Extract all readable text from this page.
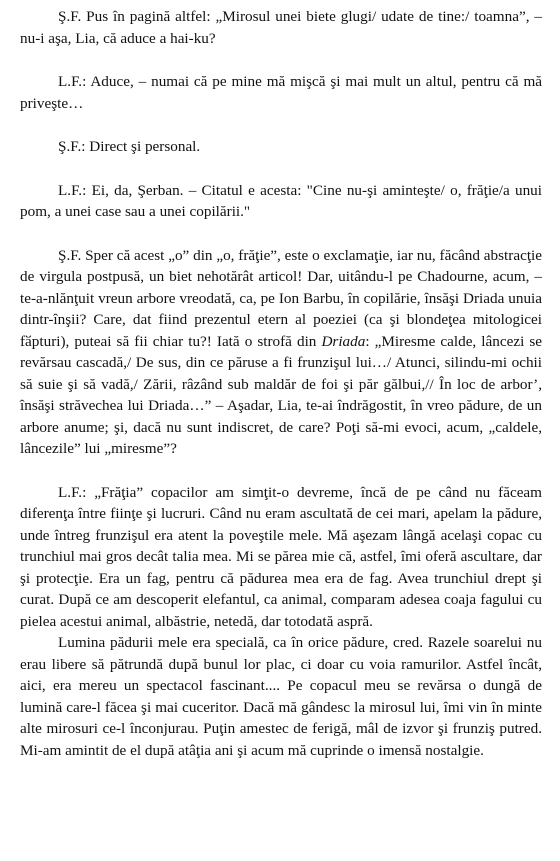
Ş.F. Pus în pagină altfel: „Mirosul unei biete glugi/ udate de tine:/ toamna”, – nu-i aşa, Lia, că aduce a hai-ku?

L.F.: Aduce, – numai că pe mine mă mişcă şi mai mult un altul, pentru că mă priveşte…

Ş.F.: Direct şi personal.

L.F.: Ei, da, Şerban. – Citatul e acesta: "Cine nu-şi aminteşte/ o, frăţie/a unui pom, a unei case sau a unei copilării."

Ş.F. Sper că acest „o” din „o, frăţie”, este o exclamaţie, iar nu, făcând abstracţie de virgula postpusă, un biet nehotărât articol! Dar, uitându-l pe Chadourne, acum, – te-a-nlănţuit vreun arbore vreodată, ca, pe Ion Barbu, în copilărie, însăşi Driada unuia dintr-înşii? Care, dat fiind prezentul etern al poeziei (ca şi blondeţea mitologicei fӑpturi), puteai să fii chiar tu?! Iată o strofă din Driada: „Miresme calde, lâncezi se revărsau cascadă,/ De sus, din ce păruse a fi frunzişul lui…/ Atunci, silindu-mi ochii să suie şi să vadă,/ Zării, râzând sub maldăr de foi şi păr gălbui,// În loc de arbor’, însăşi străvechea lui Driada…” – Aşadar, Lia, te-ai îndrăgostit, în vreo pădure, de un arbore anume; şi, dacă nu sunt indiscret, de care? Poţi să-mi evoci, acum, „caldele, lâncezile” lui „miresme”?

L.F.: „Frăţia” copacilor am simţit-o devreme, încă de pe când nu făceam diferenţa între fiinţe şi lucruri. Când nu eram ascultată de cei mari, apelam la pădure, unde întreg frunzişul era atent la poveştile mele. Mă aşezam lângă acelaşi copac cu trunchiul mai gros decât talia mea. Mi se părea mie că, astfel, îmi oferă ascultare, dar şi protecţie. Era un fag, pentru că pădurea mea era de fag. Avea trunchiul drept şi curat. După ce am descoperit elefantul, ca animal, comparam adesea coaja fagului cu pielea acestui animal, albăstrie, netedă, dar totodată aspră.

Lumina pădurii mele era specială, ca în orice pădure, cred. Razele soarelui nu erau libere să pătrundă după bunul lor plac, ci doar cu voia ramurilor. Astfel încât, aici, era mereu un spectacol fascinant.... Pe copacul meu se revărsa o dungă de lumină care-l făcea şi mai cuceritor. Dacă mă gândesc la mirosul lui, îmi vin în minte alte mirosuri ce-l înconjurau. Puţin amestec de ferigă, mâl de izvor şi frunziş putred. Mi-am amintit de el după atâţia ani şi acum mă cuprinde o imensă nostalgie.
